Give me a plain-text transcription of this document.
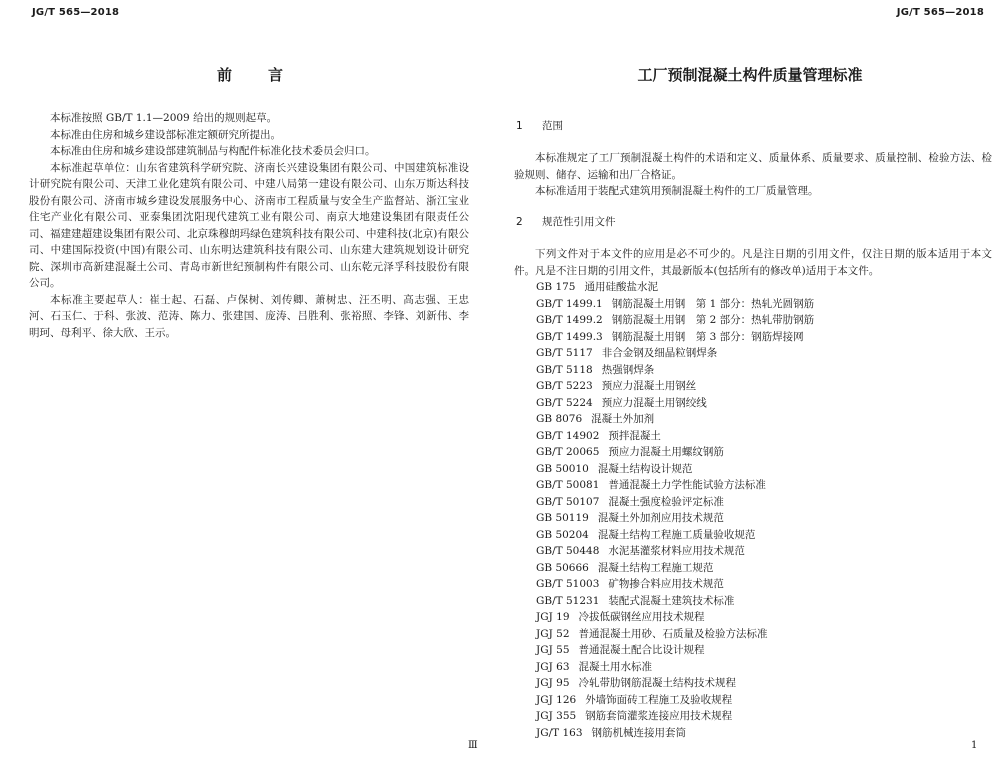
JG/T 565—2018
前言

本标准按照 GB/T 1.1—2009 给出的规则起草。

本标准由住房和城乡建设部标准定额研究所提出。

本标准由住房和城乡建设部建筑制品与构配件标准化技术委员会归口。

本标准起草单位：山东省建筑科学研究院、济南长兴建设集团有限公司、中国建筑标准设计研究院有限公司、天津工业化建筑有限公司、中建八局第一建设有限公司、山东万斯达科技股份有限公司、济南市城乡建设发展服务中心、济南市工程质量与安全生产监督站、浙江宝业住宅产业化有限公司、亚泰集团沈阳现代建筑工业有限公司、南京大地建设集团有限责任公司、福建建超建设集团有限公司、北京珠穆朗玛绿色建筑科技有限公司、中建科技(北京)有限公司、中建国际投资(中国)有限公司、山东明达建筑科技有限公司、山东建大建筑规划设计研究院、深圳市高新建混凝土公司、青岛市新世纪预制构件有限公司、山东乾元泽孚科技股份有限公司。

本标准主要起草人：崔士起、石磊、卢保树、刘传卿、萧树忠、汪丕明、高志强、王忠河、石玉仁、于科、张波、范涛、陈力、张建国、庞涛、吕胜利、张裕照、李锋、刘新伟、李明珂、母利平、徐大欣、王示。

Ⅲ
JG/T 565—2018
工厂预制混凝土构件质量管理标准
1 范围

本标准规定了工厂预制混凝土构件的术语和定义、质量体系、质量要求、质量控制、检验方法、检验规则、储存、运输和出厂合格证。

本标准适用于装配式建筑用预制混凝土构件的工厂质量管理。

2 规范性引用文件

下列文件对于本文件的应用是必不可少的。凡是注日期的引用文件，仅注日期的版本适用于本文件。凡是不注日期的引用文件，其最新版本(包括所有的修改单)适用于本文件。

GB 175 通用硅酸盐水泥
GB/T 1499.1 钢筋混凝土用钢　第 1 部分：热轧光圆钢筋
GB/T 1499.2 钢筋混凝土用钢　第 2 部分：热轧带肋钢筋
GB/T 1499.3 钢筋混凝土用钢　第 3 部分：钢筋焊接网
GB/T 5117 非合金钢及细晶粒钢焊条
GB/T 5118 热强钢焊条
GB/T 5223 预应力混凝土用钢丝
GB/T 5224 预应力混凝土用钢绞线
GB 8076 混凝土外加剂
GB/T 14902 预拌混凝土
GB/T 20065 预应力混凝土用螺纹钢筋
GB 50010 混凝土结构设计规范
GB/T 50081 普通混凝土力学性能试验方法标准
GB/T 50107 混凝土强度检验评定标准
GB 50119 混凝土外加剂应用技术规范
GB 50204 混凝土结构工程施工质量验收规范
GB/T 50448 水泥基灌浆材料应用技术规范
GB 50666 混凝土结构工程施工规范
GB/T 51003 矿物掺合料应用技术规范
GB/T 51231 装配式混凝土建筑技术标准
JGJ 19 冷拔低碳钢丝应用技术规程
JGJ 52 普通混凝土用砂、石质量及检验方法标准
JGJ 55 普通混凝土配合比设计规程
JGJ 63 混凝土用水标准
JGJ 95 冷轧带肋钢筋混凝土结构技术规程
JGJ 126 外墙饰面砖工程施工及验收规程
JGJ 355 钢筋套筒灌浆连接应用技术规程
JG/T 163 钢筋机械连接用套筒
1
